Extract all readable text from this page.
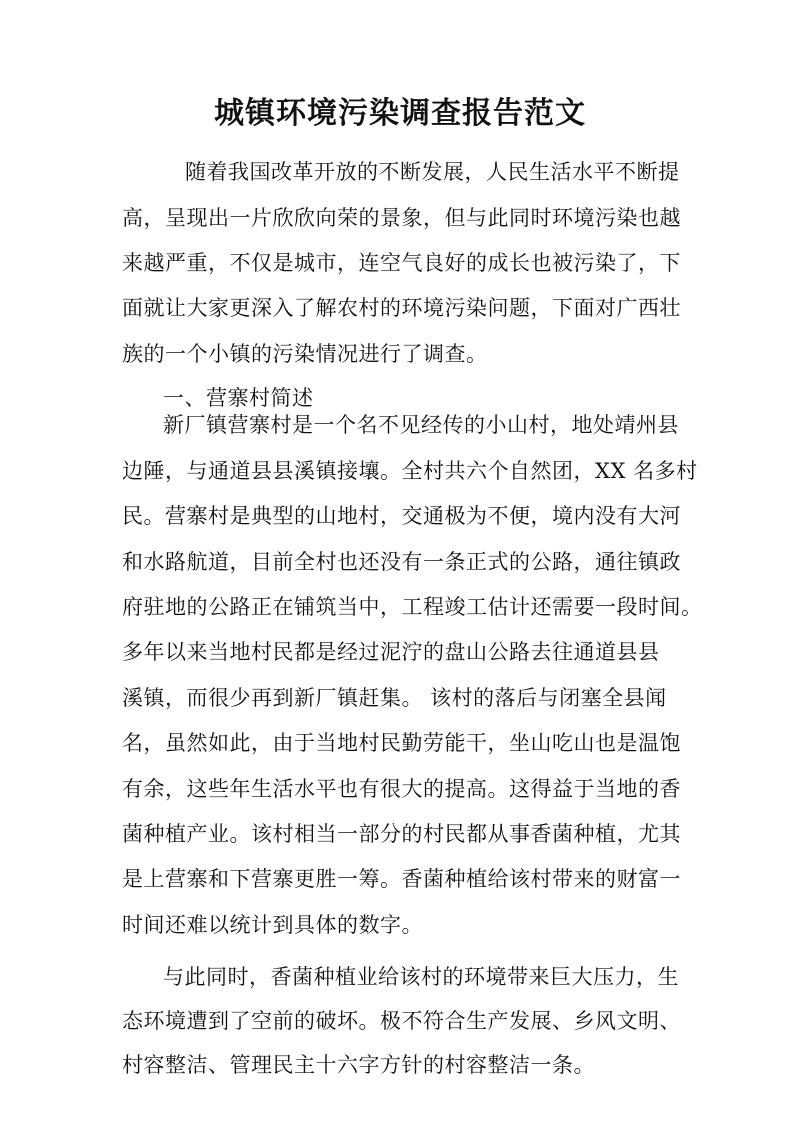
城镇环境污染调查报告范文
随着我国改革开放的不断发展，人民生活水平不断提
高，呈现出一片欣欣向荣的景象，但与此同时环境污染也越
来越严重，不仅是城市，连空气良好的成长也被污染了，下
面就让大家更深入了解农村的环境污染问题，下面对广西壮
族的一个小镇的污染情况进行了调查。
一、营寨村简述
新厂镇营寨村是一个名不见经传的小山村，地处靖州县
边陲，与通道县县溪镇接壤。全村共六个自然团，XX 名多村
民。营寨村是典型的山地村，交通极为不便，境内没有大河
和水路航道，目前全村也还没有一条正式的公路，通往镇政
府驻地的公路正在铺筑当中，工程竣工估计还需要一段时间。
多年以来当地村民都是经过泥泞的盘山公路去往通道县县
溪镇，而很少再到新厂镇赶集。 该村的落后与闭塞全县闻
名，虽然如此，由于当地村民勤劳能干，坐山吃山也是温饱
有余，这些年生活水平也有很大的提高。这得益于当地的香
菌种植产业。该村相当一部分的村民都从事香菌种植，尤其
是上营寨和下营寨更胜一筹。香菌种植给该村带来的财富一
时间还难以统计到具体的数字。
与此同时，香菌种植业给该村的环境带来巨大压力，生
态环境遭到了空前的破坏。极不符合生产发展、乡风文明、
村容整洁、管理民主十六字方针的村容整洁一条。
